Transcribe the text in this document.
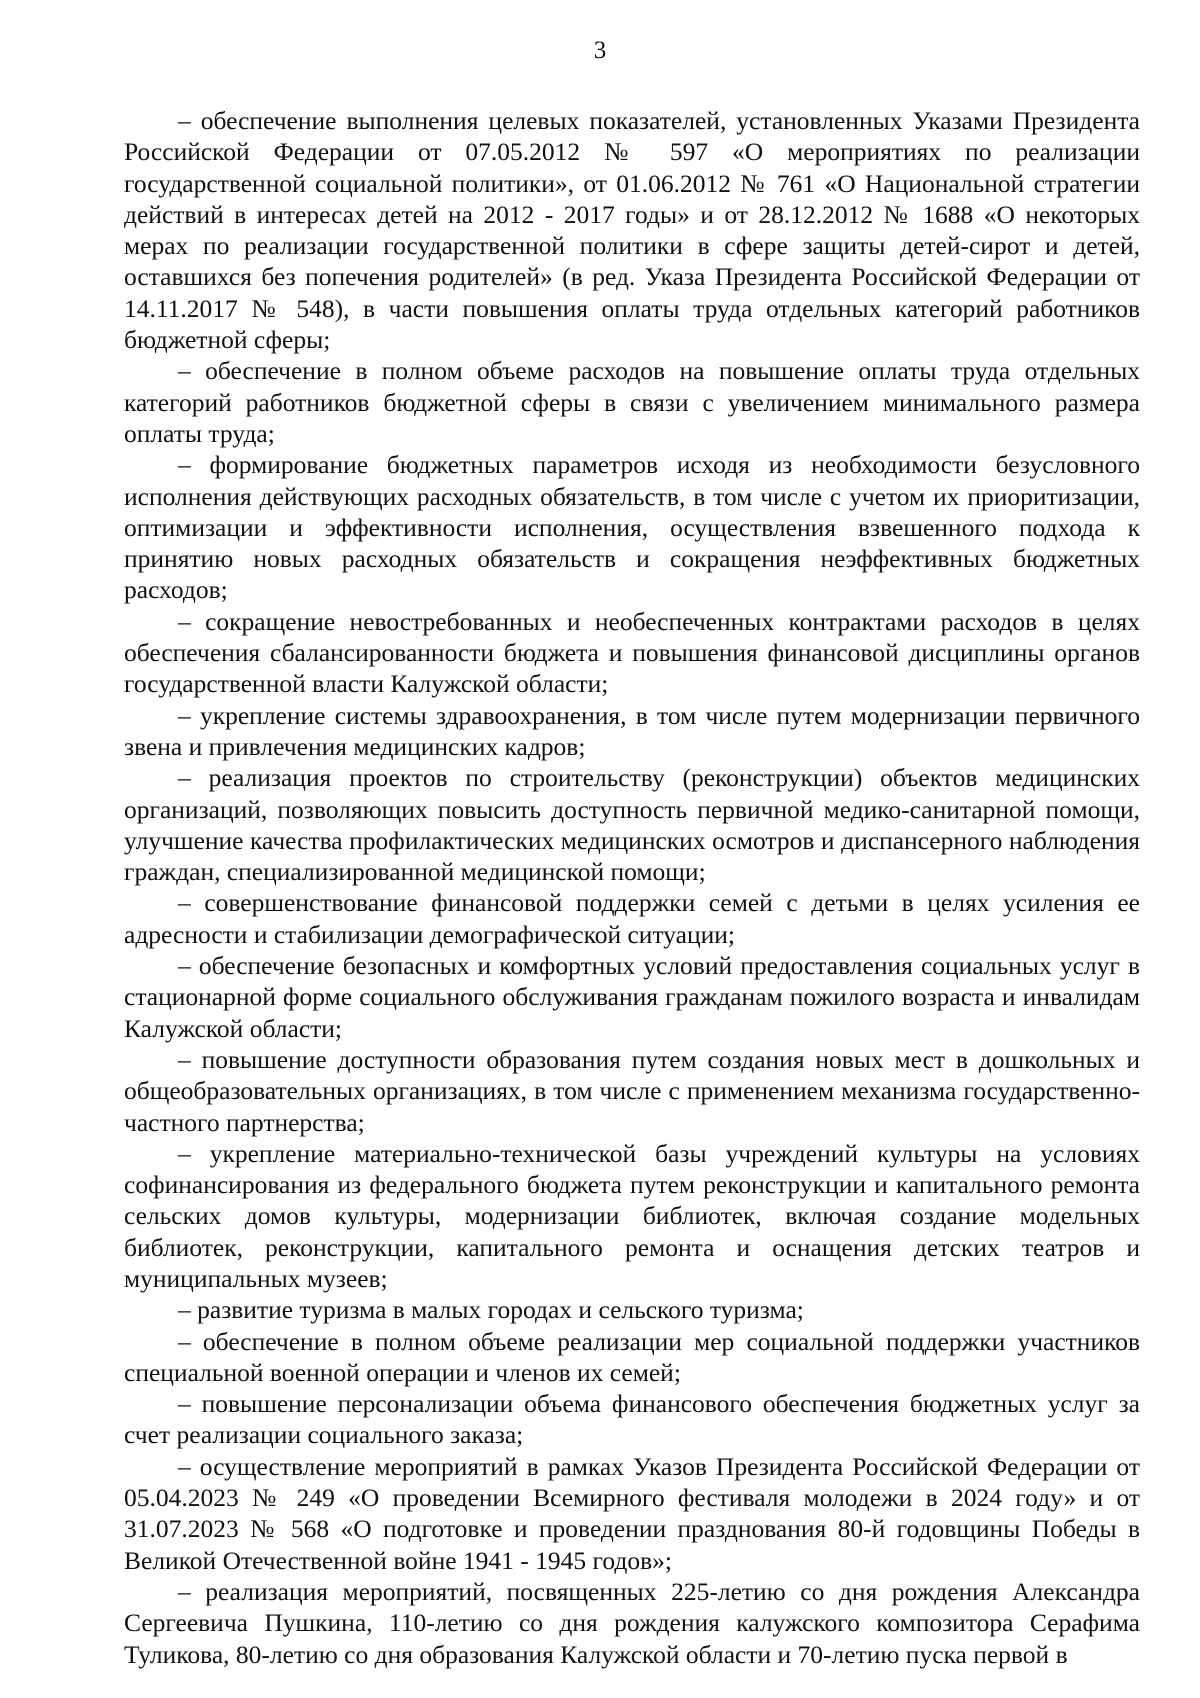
3

– обеспечение выполнения целевых показателей, установленных Указами Президента Российской Федерации от 07.05.2012 № 597 «О мероприятиях по реализации государственной социальной политики», от 01.06.2012 № 761 «О Национальной стратегии действий в интересах детей на 2012 - 2017 годы» и от 28.12.2012 № 1688 «О некоторых мерах по реализации государственной политики в сфере защиты детей-сирот и детей, оставшихся без попечения родителей» (в ред. Указа Президента Российской Федерации от 14.11.2017 № 548), в части повышения оплаты труда отдельных категорий работников бюджетной сферы;

– обеспечение в полном объеме расходов на повышение оплаты труда отдельных категорий работников бюджетной сферы в связи с увеличением минимального размера оплаты труда;

– формирование бюджетных параметров исходя из необходимости безусловного исполнения действующих расходных обязательств, в том числе с учетом их приоритизации, оптимизации и эффективности исполнения, осуществления взвешенного подхода к принятию новых расходных обязательств и сокращения неэффективных бюджетных расходов;

– сокращение невостребованных и необеспеченных контрактами расходов в целях обеспечения сбалансированности бюджета и повышения финансовой дисциплины органов государственной власти Калужской области;

– укрепление системы здравоохранения, в том числе путем модернизации первичного звена и привлечения медицинских кадров;

– реализация проектов по строительству (реконструкции) объектов медицинских организаций, позволяющих повысить доступность первичной медико-санитарной помощи, улучшение качества профилактических медицинских осмотров и диспансерного наблюдения граждан, специализированной медицинской помощи;

– совершенствование финансовой поддержки семей с детьми в целях усиления ее адресности и стабилизации демографической ситуации;

– обеспечение безопасных и комфортных условий предоставления социальных услуг в стационарной форме социального обслуживания гражданам пожилого возраста и инвалидам Калужской области;

– повышение доступности образования путем создания новых мест в дошкольных и общеобразовательных организациях, в том числе с применением механизма государственно-частного партнерства;

– укрепление материально-технической базы учреждений культуры на условиях софинансирования из федерального бюджета путем реконструкции и капитального ремонта сельских домов культуры, модернизации библиотек, включая создание модельных библиотек, реконструкции, капитального ремонта и оснащения детских театров и муниципальных музеев;

– развитие туризма в малых городах и сельского туризма;

– обеспечение в полном объеме реализации мер социальной поддержки участников специальной военной операции и членов их семей;

– повышение персонализации объема финансового обеспечения бюджетных услуг за счет реализации социального заказа;

– осуществление мероприятий в рамках Указов Президента Российской Федерации от 05.04.2023 № 249 «О проведении Всемирного фестиваля молодежи в 2024 году» и от 31.07.2023 № 568 «О подготовке и проведении празднования 80-й годовщины Победы в Великой Отечественной войне 1941 - 1945 годов»;

– реализация мероприятий, посвященных 225-летию со дня рождения Александра Сергеевича Пушкина, 110-летию со дня рождения калужского композитора Серафима Туликова, 80-летию со дня образования Калужской области и 70-летию пуска первой в
